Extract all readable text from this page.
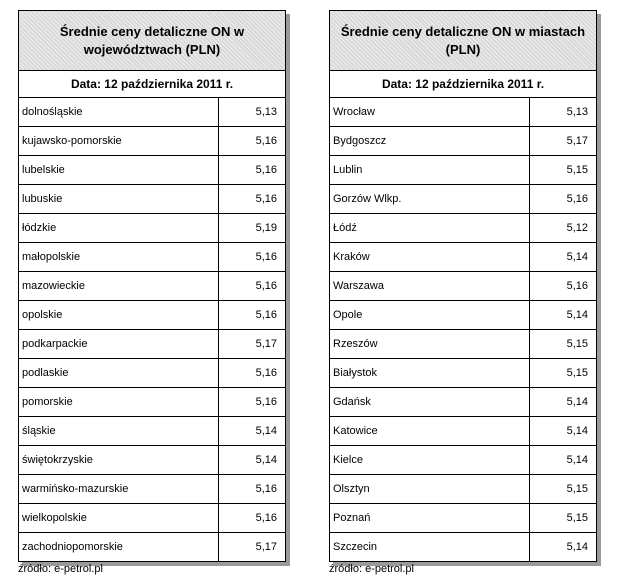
Średnie ceny detaliczne ON w województwach (PLN)	
Data: 12 października 2011 r.	
dolnośląskie	5,13
kujawsko-pomorskie	5,16
lubelskie	5,16
lubuskie	5,16
łódzkie	5,19
małopolskie	5,16
mazowieckie	5,16
opolskie	5,16
podkarpackie	5,17
podlaskie	5,16
pomorskie	5,16
śląskie	5,14
świętokrzyskie	5,14
warmińsko-mazurskie	5,16
wielkopolskie	5,16
zachodniopomorskie	5,17
Średnie ceny detaliczne ON w miastach (PLN)	
Data: 12 października 2011 r.	
Wrocław	5,13
Bydgoszcz	5,17
Lublin	5,15
Gorzów Wlkp.	5,16
Łódź	5,12
Kraków	5,14
Warszawa	5,16
Opole	5,14
Rzeszów	5,15
Białystok	5,15
Gdańsk	5,14
Katowice	5,14
Kielce	5,14
Olsztyn	5,15
Poznań	5,15
Szczecin	5,14
źródło: e-petrol.pl	źródło: e-petrol.pl
